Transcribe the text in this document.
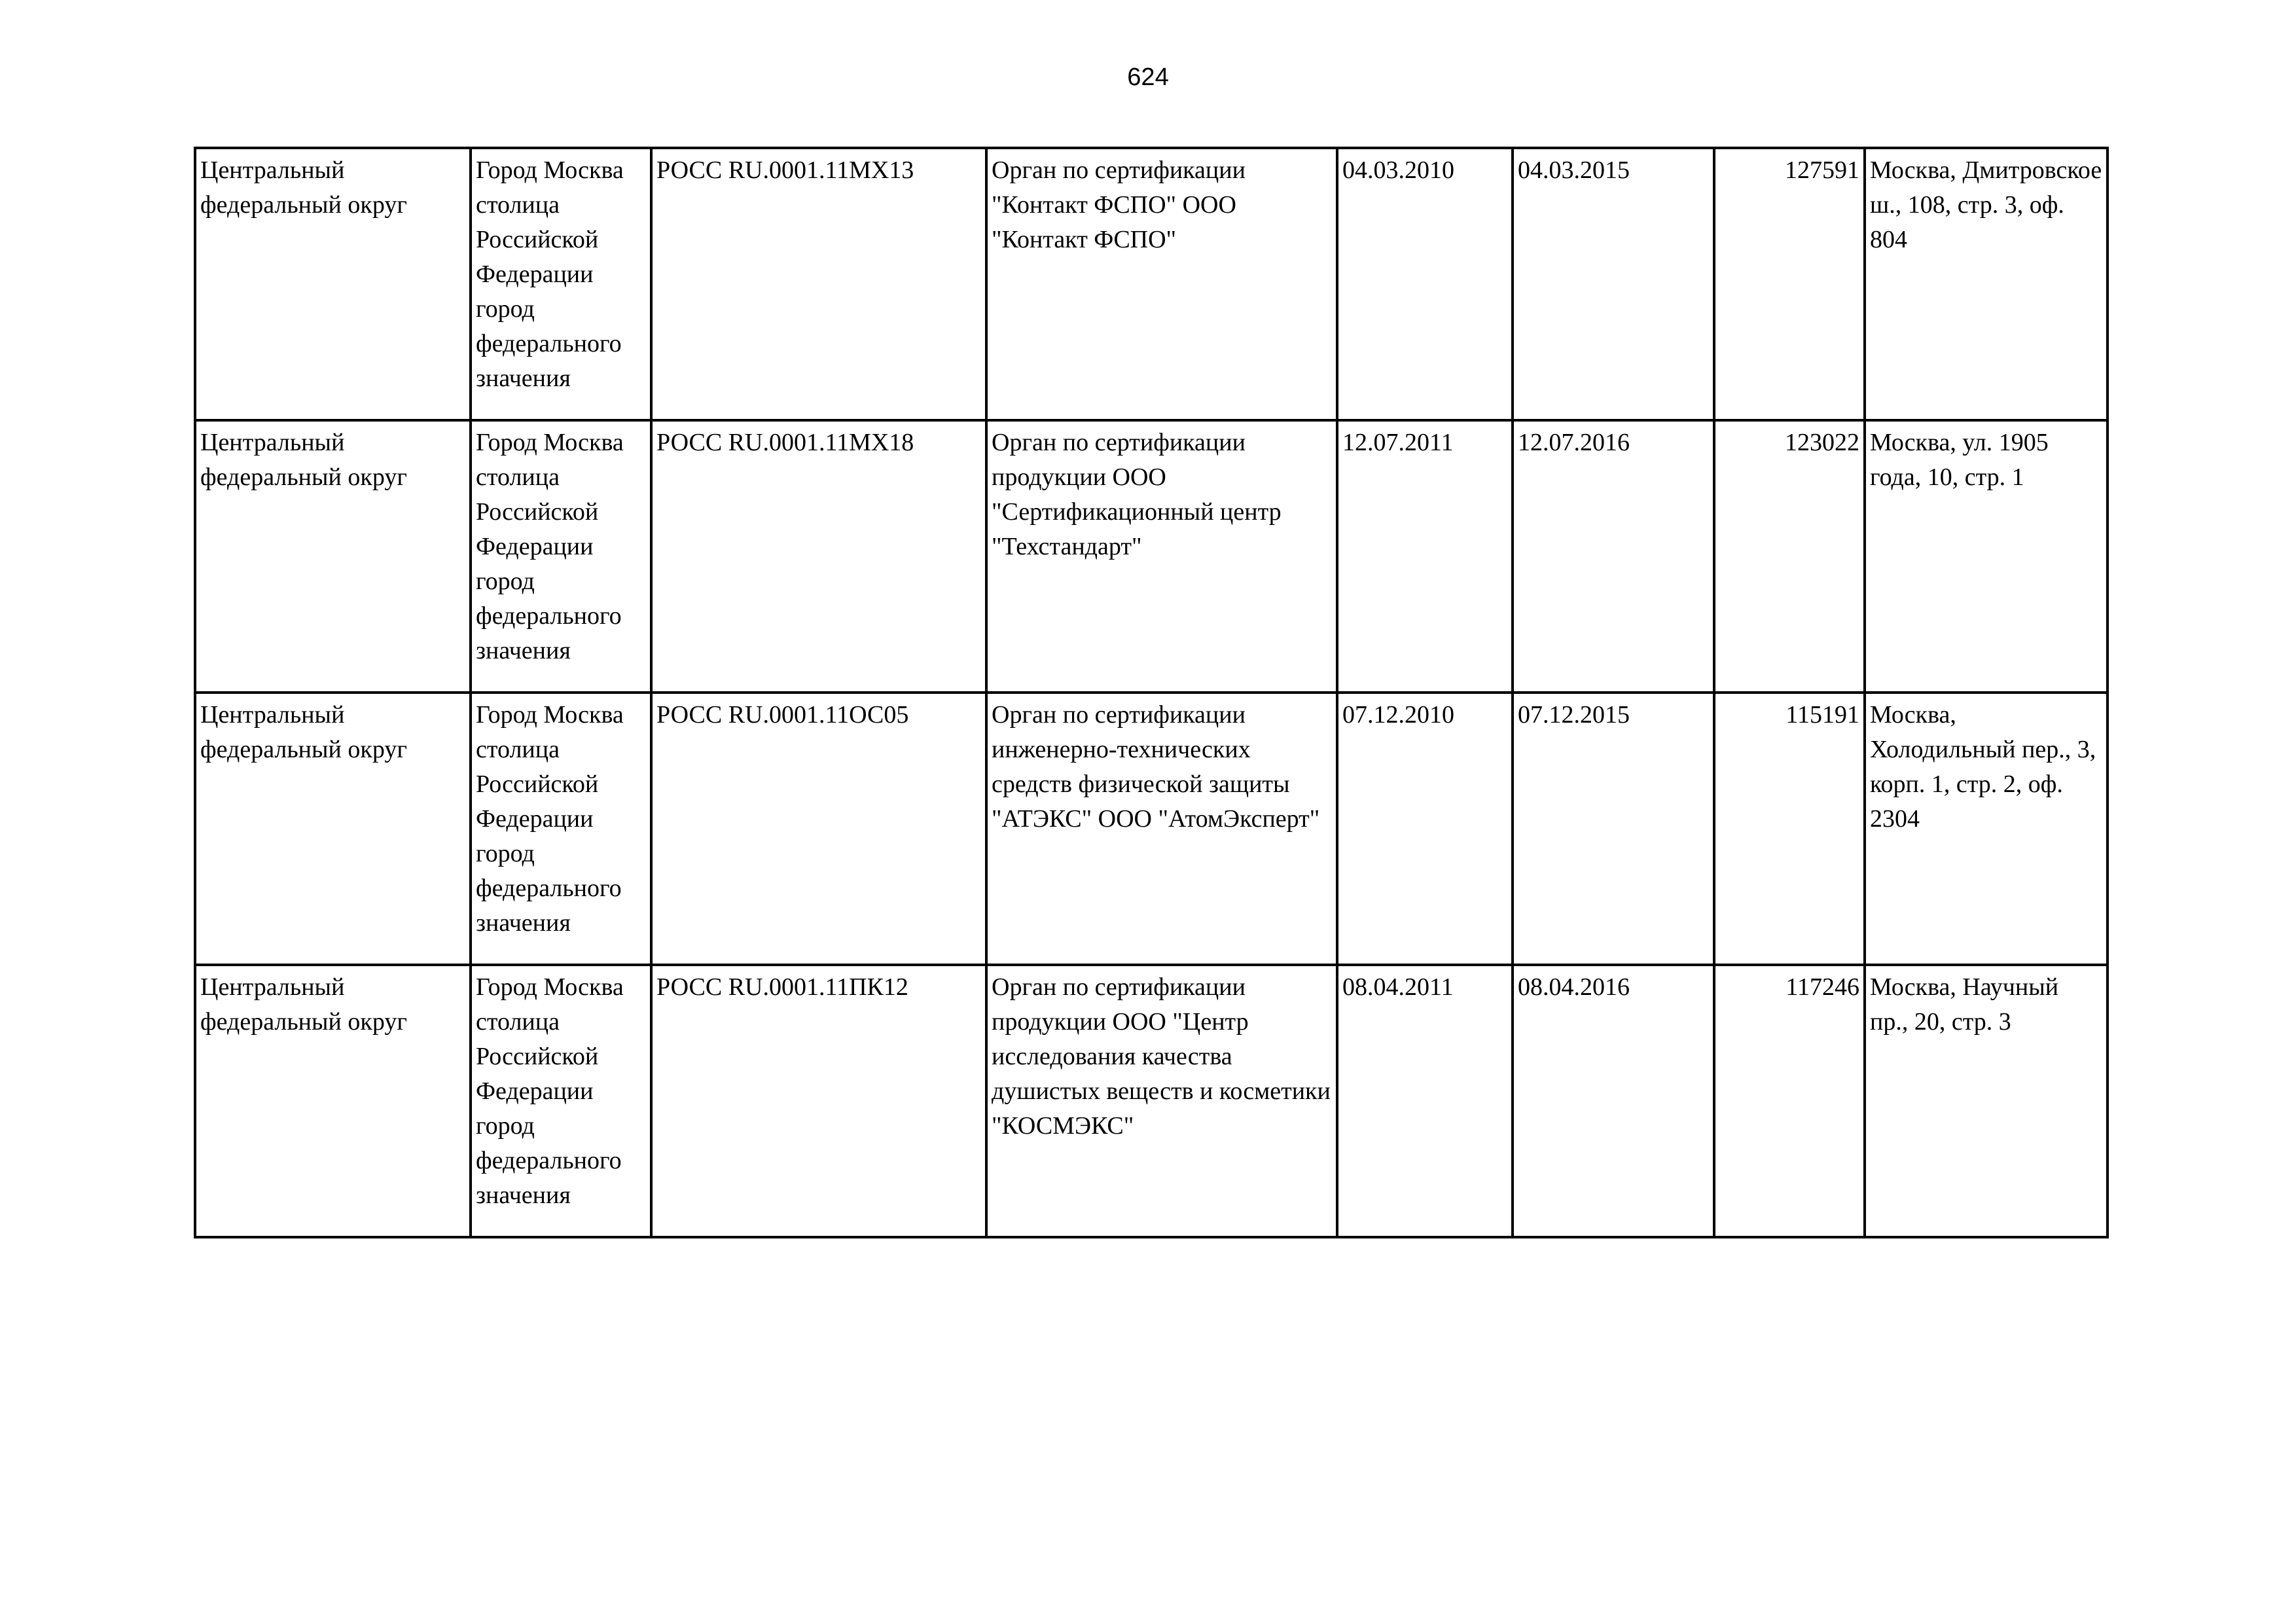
624
Центральный федеральный округ	Город Москва столица Российской Федерации город федерального значения	РОСС RU.0001.11МХ13	Орган по сертификации "Контакт ФСПО" ООО "Контакт ФСПО"	04.03.2010	04.03.2015	127591	Москва, Дмитровское ш., 108, стр. 3, оф. 804

Центральный федеральный округ	Город Москва столица Российской Федерации город федерального значения	РОСС RU.0001.11МХ18	Орган по сертификации продукции ООО "Сертификационный центр "Техстандарт"	12.07.2011	12.07.2016	123022	Москва, ул. 1905 года, 10, стр. 1

Центральный федеральный округ	Город Москва столица Российской Федерации город федерального значения	РОСС RU.0001.11ОС05	Орган по сертификации инженерно-технических средств физической защиты "АТЭКС" ООО "АтомЭксперт"	07.12.2010	07.12.2015	115191	Москва, Холодильный пер., 3, корп. 1, стр. 2, оф. 2304

Центральный федеральный округ	Город Москва столица Российской Федерации город федерального значения	РОСС RU.0001.11ПК12	Орган по сертификации продукции ООО "Центр исследования качества душистых веществ и косметики "КОСМЭКС"	08.04.2011	08.04.2016	117246	Москва, Научный пр., 20, стр. 3
